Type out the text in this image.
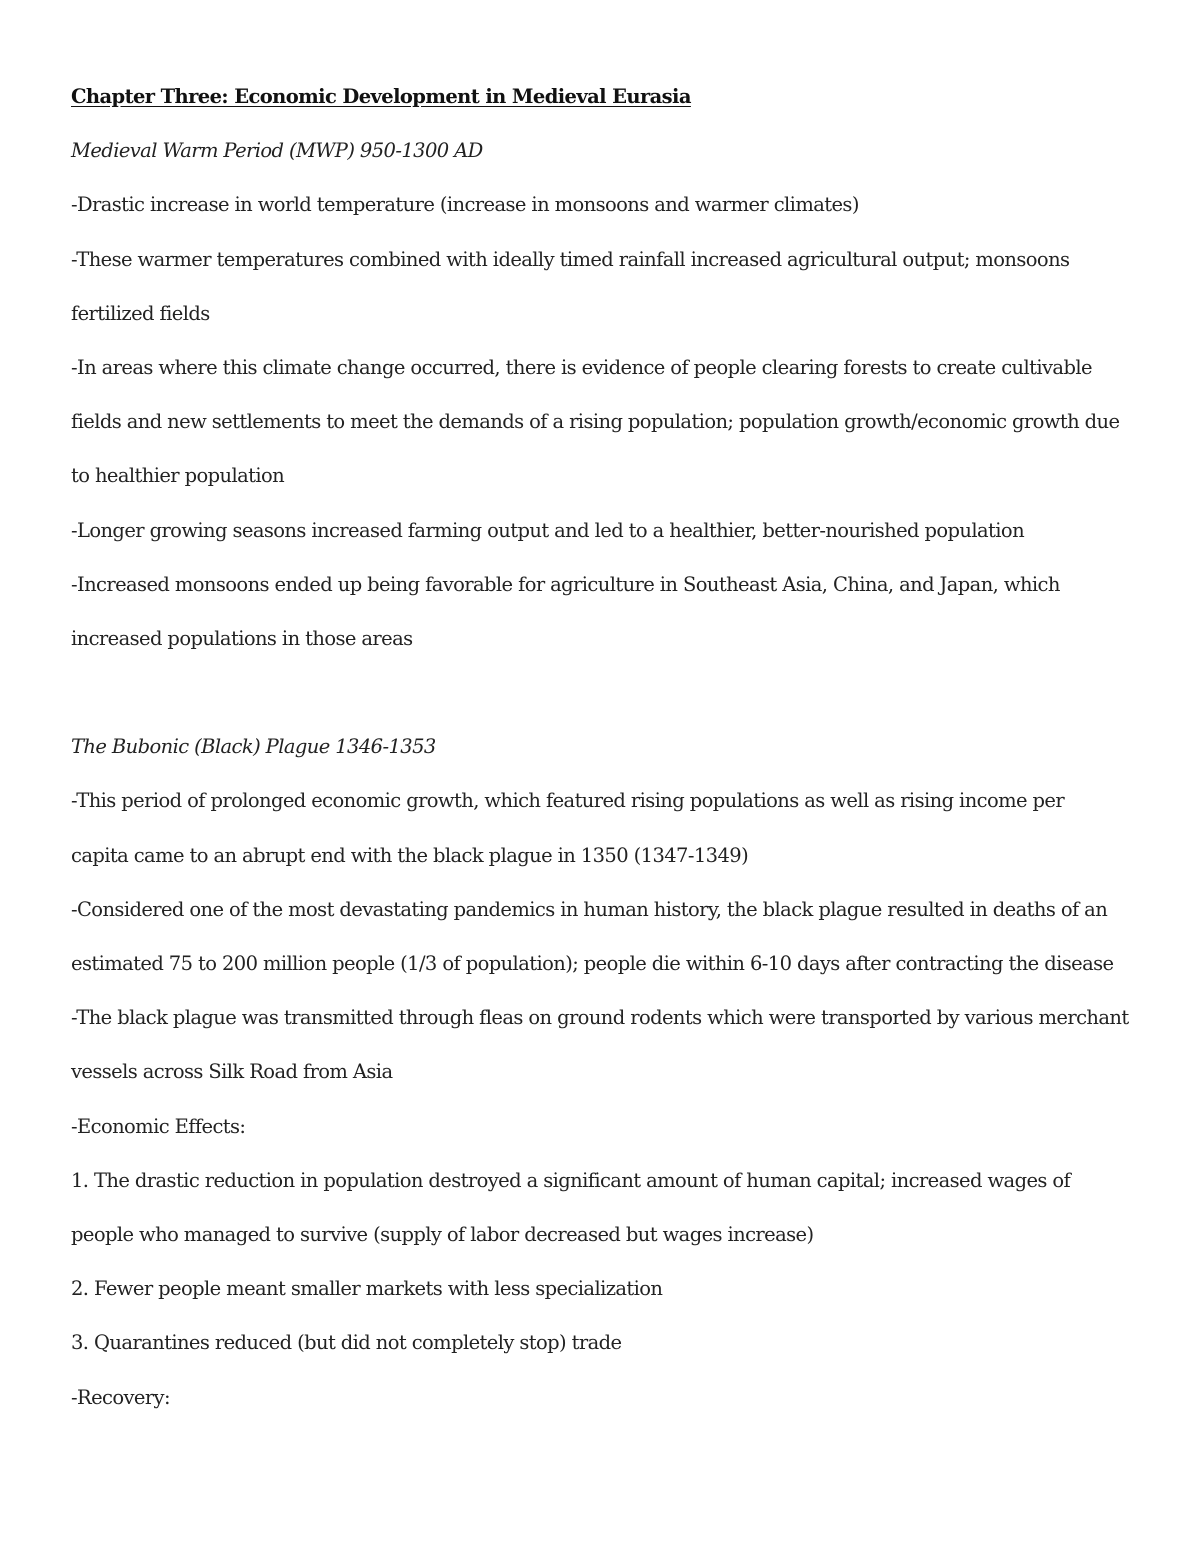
Chapter Three: Economic Development in Medieval Eurasia
Medieval Warm Period (MWP) 950-1300 AD
-Drastic increase in world temperature (increase in monsoons and warmer climates)
-These warmer temperatures combined with ideally timed rainfall increased agricultural output; monsoons
fertilized fields
-In areas where this climate change occurred, there is evidence of people clearing forests to create cultivable
fields and new settlements to meet the demands of a rising population; population growth/economic growth due
to healthier population
-Longer growing seasons increased farming output and led to a healthier, better-nourished population
-Increased monsoons ended up being favorable for agriculture in Southeast Asia, China, and Japan, which
increased populations in those areas
The Bubonic (Black) Plague 1346-1353
-This period of prolonged economic growth, which featured rising populations as well as rising income per
capita came to an abrupt end with the black plague in 1350 (1347-1349)
-Considered one of the most devastating pandemics in human history, the black plague resulted in deaths of an
estimated 75 to 200 million people (1/3 of population); people die within 6-10 days after contracting the disease
-The black plague was transmitted through fleas on ground rodents which were transported by various merchant
vessels across Silk Road from Asia
-Economic Effects:
1. The drastic reduction in population destroyed a significant amount of human capital; increased wages of
people who managed to survive (supply of labor decreased but wages increase)
2. Fewer people meant smaller markets with less specialization
3. Quarantines reduced (but did not completely stop) trade
-Recovery:
